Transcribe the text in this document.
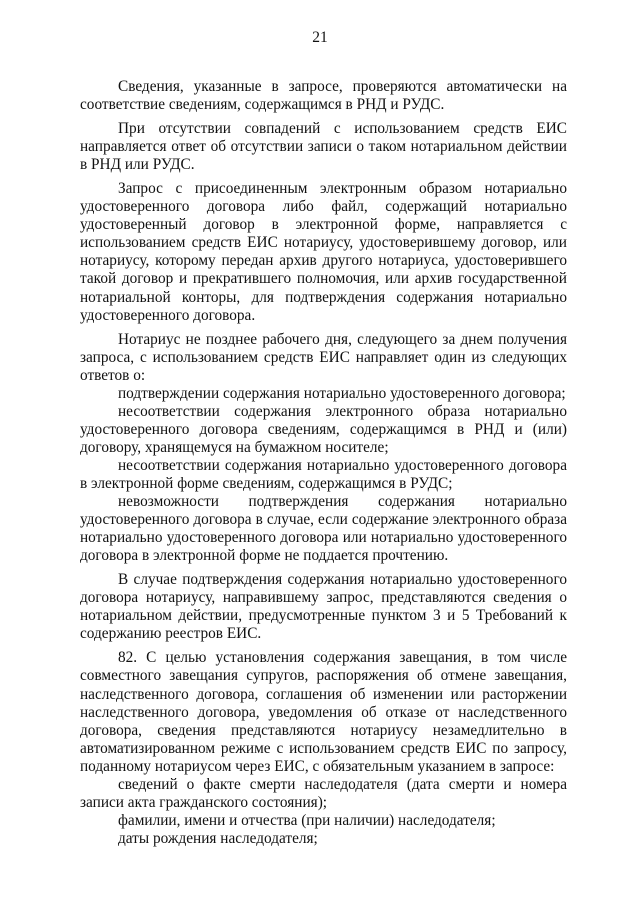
21

Сведения, указанные в запросе, проверяются автоматически на соответствие сведениям, содержащимся в РНД и РУДС.

При отсутствии совпадений с использованием средств ЕИС направляется ответ об отсутствии записи о таком нотариальном действии в РНД или РУДС.

Запрос с присоединенным электронным образом нотариально удостоверенного договора либо файл, содержащий нотариально удостоверенный договор в электронной форме, направляется с использованием средств ЕИС нотариусу, удостоверившему договор, или нотариусу, которому передан архив другого нотариуса, удостоверившего такой договор и прекратившего полномочия, или архив государственной нотариальной конторы, для подтверждения содержания нотариально удостоверенного договора.

Нотариус не позднее рабочего дня, следующего за днем получения запроса, с использованием средств ЕИС направляет один из следующих ответов о:

подтверждении содержания нотариально удостоверенного договора;

несоответствии содержания электронного образа нотариально удостоверенного договора сведениям, содержащимся в РНД и (или) договору, хранящемуся на бумажном носителе;

несоответствии содержания нотариально удостоверенного договора в электронной форме сведениям, содержащимся в РУДС;

невозможности подтверждения содержания нотариально удостоверенного договора в случае, если содержание электронного образа нотариально удостоверенного договора или нотариально удостоверенного договора в электронной форме не поддается прочтению.

В случае подтверждения содержания нотариально удостоверенного договора нотариусу, направившему запрос, представляются сведения о нотариальном действии, предусмотренные пунктом 3 и 5 Требований к содержанию реестров ЕИС.

82. С целью установления содержания завещания, в том числе совместного завещания супругов, распоряжения об отмене завещания, наследственного договора, соглашения об изменении или расторжении наследственного договора, уведомления об отказе от наследственного договора, сведения представляются нотариусу незамедлительно в автоматизированном режиме с использованием средств ЕИС по запросу, поданному нотариусом через ЕИС, с обязательным указанием в запросе:

сведений о факте смерти наследодателя (дата смерти и номера записи акта гражданского состояния);

фамилии, имени и отчества (при наличии) наследодателя;

даты рождения наследодателя;
